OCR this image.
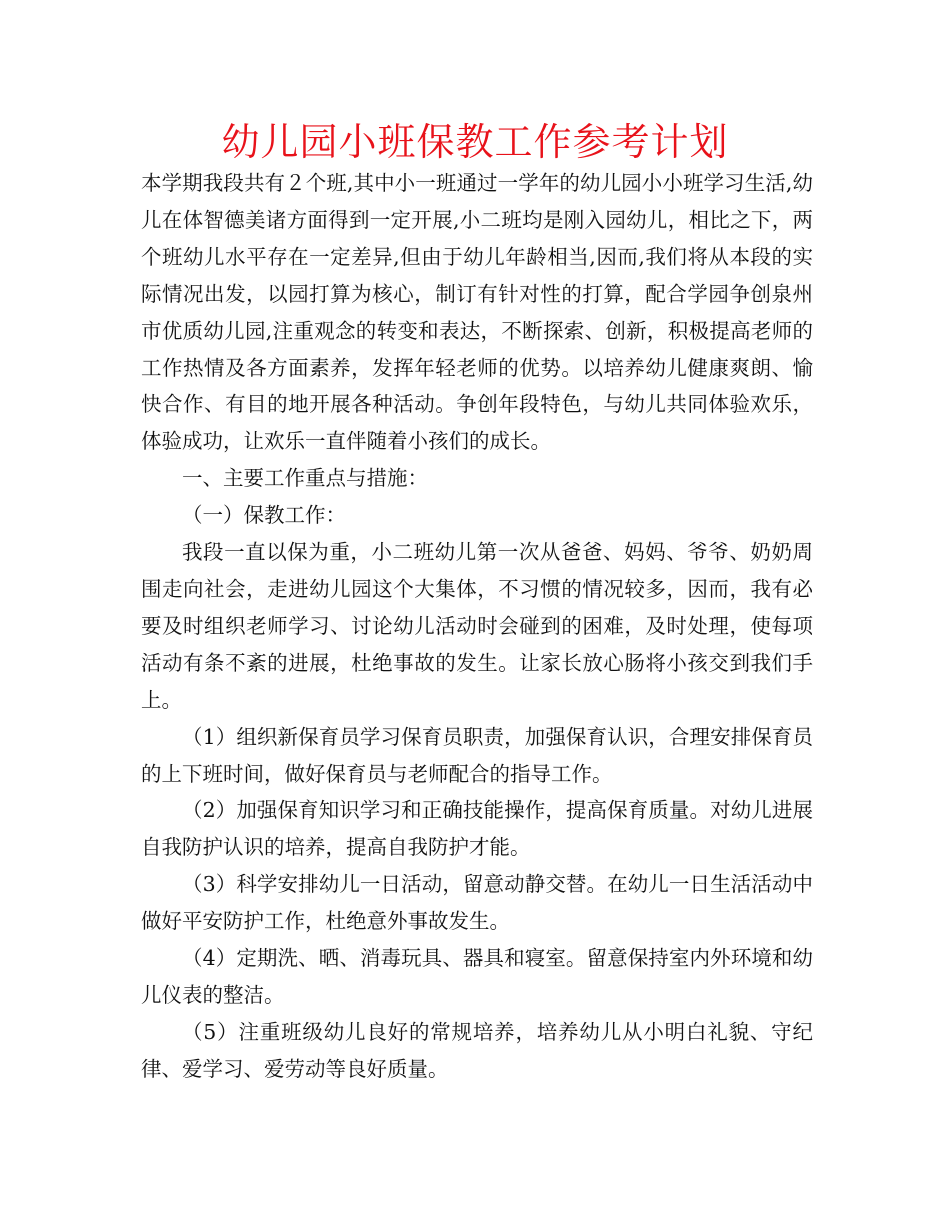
幼儿园小班保教工作参考计划

本学期我段共有２个班,其中小一班通过一学年的幼儿园小小班学习生活,幼儿在体智德美诸方面得到一定开展,小二班均是刚入园幼儿，相比之下，两个班幼儿水平存在一定差异,但由于幼儿年龄相当,因而,我们将从本段的实际情况出发，以园打算为核心，制订有针对性的打算，配合学园争创泉州市优质幼儿园,注重观念的转变和表达，不断探索、创新，积极提高老师的工作热情及各方面素养，发挥年轻老师的优势。以培养幼儿健康爽朗、愉快合作、有目的地开展各种活动。争创年段特色，与幼儿共同体验欢乐，体验成功，让欢乐一直伴随着小孩们的成长。

一、主要工作重点与措施：

（一）保教工作：

我段一直以保为重，小二班幼儿第一次从爸爸、妈妈、爷爷、奶奶周围走向社会，走进幼儿园这个大集体，不习惯的情况较多，因而，我有必要及时组织老师学习、讨论幼儿活动时会碰到的困难，及时处理，使每项活动有条不紊的进展，杜绝事故的发生。让家长放心肠将小孩交到我们手上。

（1）组织新保育员学习保育员职责，加强保育认识，合理安排保育员的上下班时间，做好保育员与老师配合的指导工作。

（2）加强保育知识学习和正确技能操作，提高保育质量。对幼儿进展自我防护认识的培养，提高自我防护才能。

（3）科学安排幼儿一日活动，留意动静交替。在幼儿一日生活活动中做好平安防护工作，杜绝意外事故发生。

（4）定期洗、晒、消毒玩具、器具和寝室。留意保持室内外环境和幼儿仪表的整洁。

（5）注重班级幼儿良好的常规培养，培养幼儿从小明白礼貌、守纪律、爱学习、爱劳动等良好质量。
